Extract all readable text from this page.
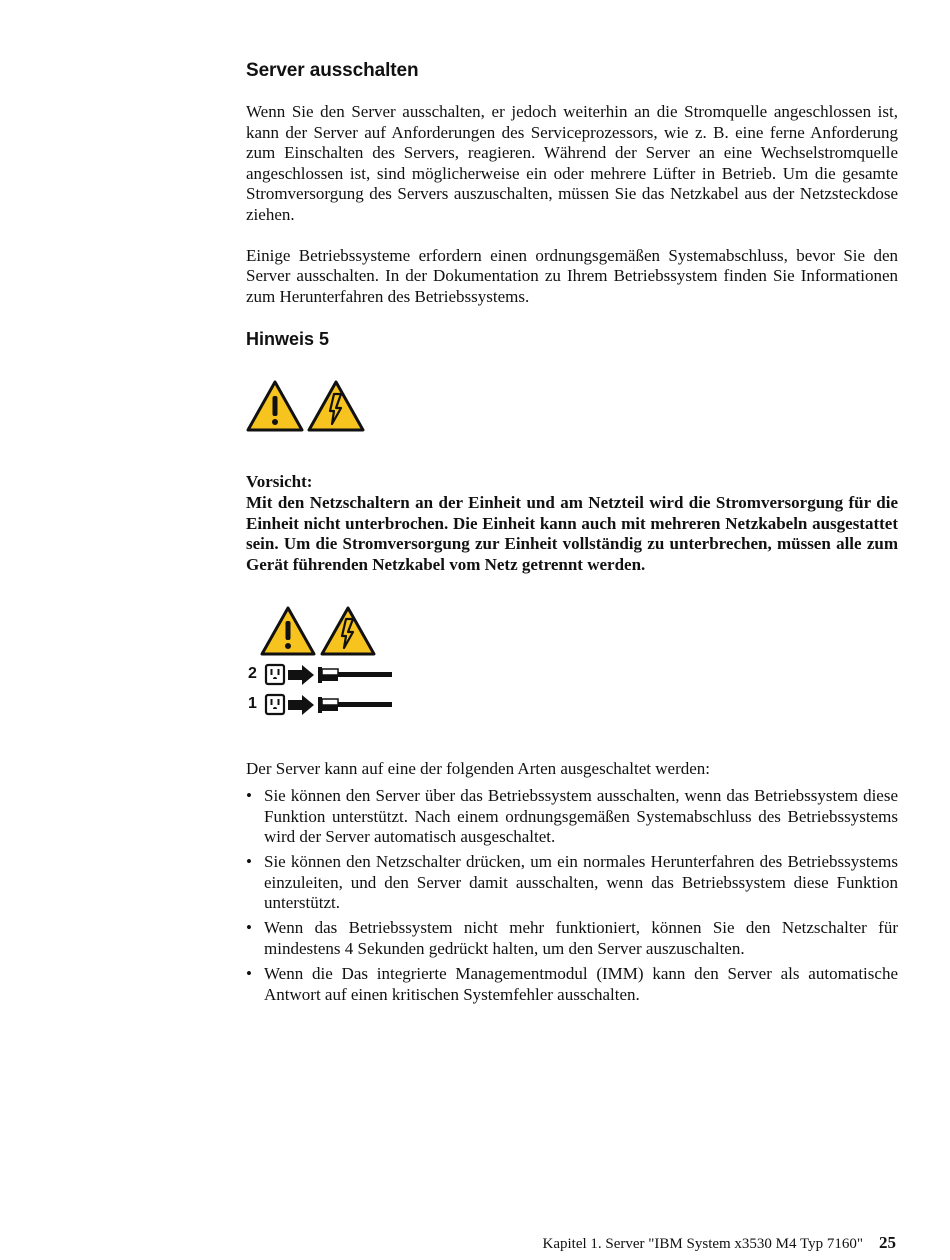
Server ausschalten

Wenn Sie den Server ausschalten, er jedoch weiterhin an die Stromquelle angeschlossen ist, kann der Server auf Anforderungen des Serviceprozessors, wie z. B. eine ferne Anforderung zum Einschalten des Servers, reagieren. Während der Server an eine Wechselstromquelle angeschlossen ist, sind möglicherweise ein oder mehrere Lüfter in Betrieb. Um die gesamte Stromversorgung des Servers auszuschalten, müssen Sie das Netzkabel aus der Netzsteckdose ziehen.

Einige Betriebssysteme erfordern einen ordnungsgemäßen Systemabschluss, bevor Sie den Server ausschalten. In der Dokumentation zu Ihrem Betriebssystem finden Sie Informationen zum Herunterfahren des Betriebssystems.

Hinweis 5
Vorsicht:
Mit den Netzschaltern an der Einheit und am Netzteil wird die Stromversorgung für die Einheit nicht unterbrochen. Die Einheit kann auch mit mehreren Netzkabeln ausgestattet sein. Um die Stromversorgung zur Einheit vollständig zu unterbrechen, müssen alle zum Gerät führenden Netzkabel vom Netz getrennt werden.
2
1

Der Server kann auf eine der folgenden Arten ausgeschaltet werden:

• Sie können den Server über das Betriebssystem ausschalten, wenn das Betriebssystem diese Funktion unterstützt. Nach einem ordnungsgemäßen Systemabschluss des Betriebssystems wird der Server automatisch ausgeschaltet.
• Sie können den Netzschalter drücken, um ein normales Herunterfahren des Betriebssystems einzuleiten, und den Server damit ausschalten, wenn das Betriebssystem diese Funktion unterstützt.
• Wenn das Betriebssystem nicht mehr funktioniert, können Sie den Netzschalter für mindestens 4 Sekunden gedrückt halten, um den Server auszuschalten.
• Wenn die Das integrierte Managementmodul (IMM) kann den Server als automatische Antwort auf einen kritischen Systemfehler ausschalten.
Kapitel 1. Server "IBM System x3530 M4 Typ 7160" 25
